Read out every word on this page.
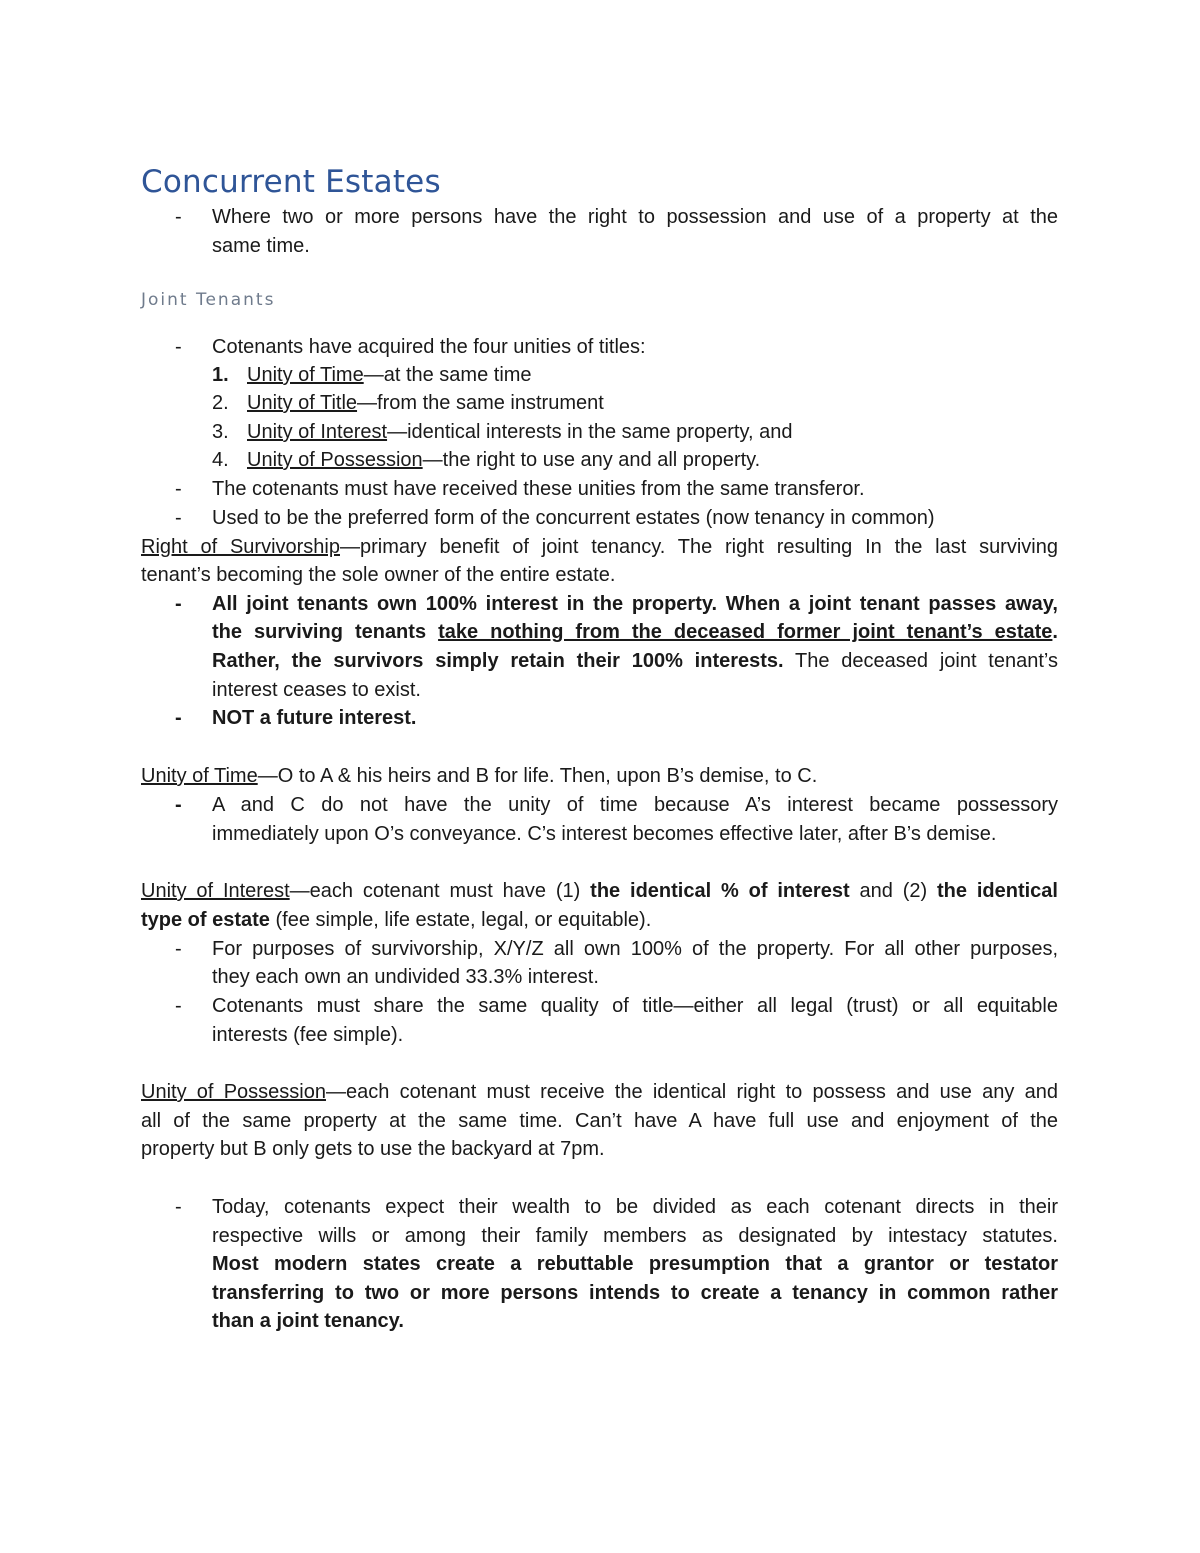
Concurrent Estates
- Where two or more persons have the right to possession and use of a property at the
same time.
Joint Tenants
- Cotenants have acquired the four unities of titles:
1. Unity of Time—at the same time
2. Unity of Title—from the same instrument
3. Unity of Interest—identical interests in the same property, and
4. Unity of Possession—the right to use any and all property.
- The cotenants must have received these unities from the same transferor.
- Used to be the preferred form of the concurrent estates (now tenancy in common)
Right of Survivorship—primary benefit of joint tenancy. The right resulting In the last surviving
tenant’s becoming the sole owner of the entire estate.
- All joint tenants own 100% interest in the property. When a joint tenant passes away,
the surviving tenants take nothing from the deceased former joint tenant’s estate.
Rather, the survivors simply retain their 100% interests. The deceased joint tenant’s
interest ceases to exist.
- NOT a future interest.
Unity of Time—O to A & his heirs and B for life. Then, upon B’s demise, to C.
- A and C do not have the unity of time because A’s interest became possessory
immediately upon O’s conveyance. C’s interest becomes effective later, after B’s demise.
Unity of Interest—each cotenant must have (1) the identical % of interest and (2) the identical
type of estate (fee simple, life estate, legal, or equitable).
- For purposes of survivorship, X/Y/Z all own 100% of the property. For all other purposes,
they each own an undivided 33.3% interest.
- Cotenants must share the same quality of title—either all legal (trust) or all equitable
interests (fee simple).
Unity of Possession—each cotenant must receive the identical right to possess and use any and
all of the same property at the same time. Can’t have A have full use and enjoyment of the
property but B only gets to use the backyard at 7pm.
- Today, cotenants expect their wealth to be divided as each cotenant directs in their
respective wills or among their family members as designated by intestacy statutes.
Most modern states create a rebuttable presumption that a grantor or testator
transferring to two or more persons intends to create a tenancy in common rather
than a joint tenancy.
